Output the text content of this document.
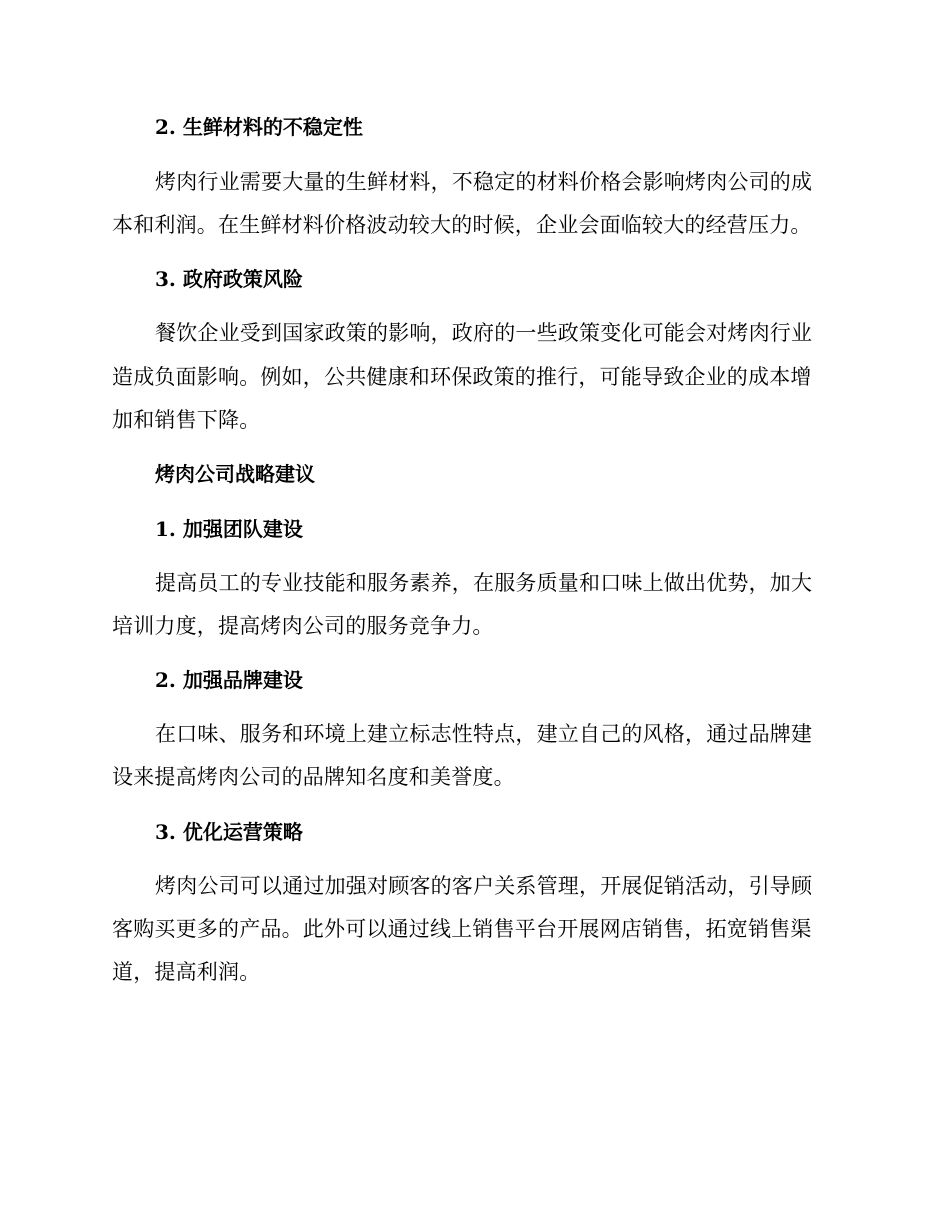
2. 生鲜材料的不稳定性
烤肉行业需要大量的生鲜材料，不稳定的材料价格会影响烤肉公司的成
本和利润。在生鲜材料价格波动较大的时候，企业会面临较大的经营压力。
3. 政府政策风险
餐饮企业受到国家政策的影响，政府的一些政策变化可能会对烤肉行业
造成负面影响。例如，公共健康和环保政策的推行，可能导致企业的成本增
加和销售下降。
烤肉公司战略建议
1. 加强团队建设
提高员工的专业技能和服务素养，在服务质量和口味上做出优势，加大
培训力度，提高烤肉公司的服务竞争力。
2. 加强品牌建设
在口味、服务和环境上建立标志性特点，建立自己的风格，通过品牌建
设来提高烤肉公司的品牌知名度和美誉度。
3. 优化运营策略
烤肉公司可以通过加强对顾客的客户关系管理，开展促销活动，引导顾
客购买更多的产品。此外可以通过线上销售平台开展网店销售，拓宽销售渠
道，提高利润。
